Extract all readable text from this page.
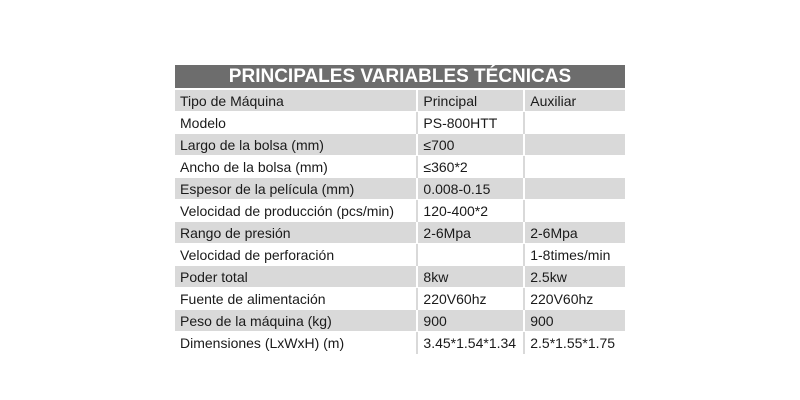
PRINCIPALES VARIABLES TÉCNICAS		
Tipo de Máquina	Principal	Auxiliar
Modelo	PS-800HTT	
Largo de la bolsa (mm)	≤700	
Ancho de la bolsa (mm)	≤360*2	
Espesor de la película (mm)	0.008-0.15	
Velocidad de producción (pcs/min)	120-400*2	
Rango de presión	2-6Mpa	2-6Mpa
Velocidad de perforación		1-8times/min
Poder total	8kw	2.5kw
Fuente de alimentación	220V60hz	220V60hz
Peso de la máquina (kg)	900	900
Dimensiones (LxWxH) (m)	3.45*1.54*1.34	2.5*1.55*1.75
